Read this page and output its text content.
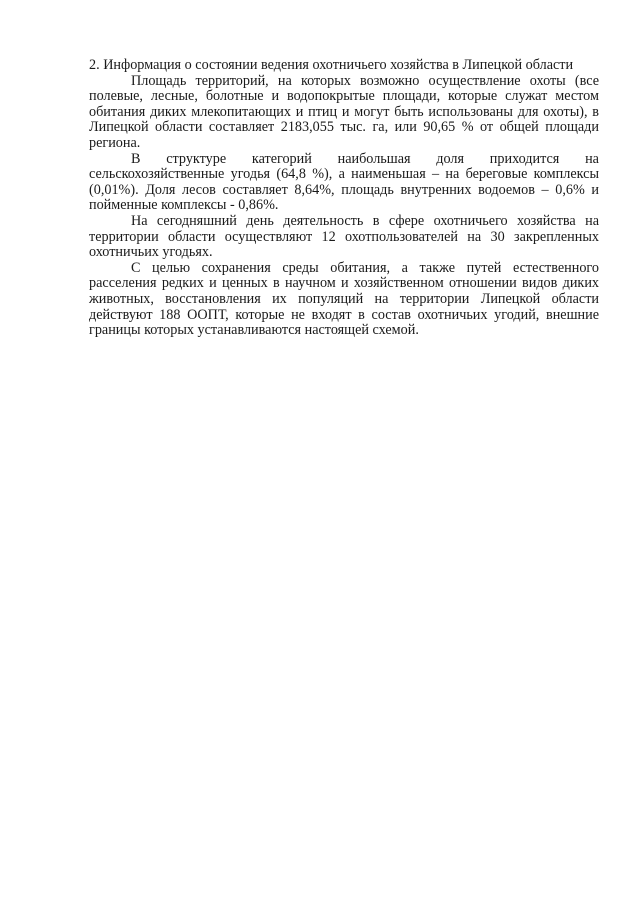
2. Информация о состоянии ведения охотничьего хозяйства в Липецкой области

Площадь территорий, на которых возможно осуществление охоты (все полевые, лесные, болотные и водопокрытые площади, которые служат местом обитания диких млекопитающих и птиц и могут быть использованы для охоты), в Липецкой области составляет 2183,055 тыс. га, или 90,65 % от общей площади региона.

В структуре категорий наибольшая доля приходится на сельскохозяйственные угодья (64,8 %), а наименьшая – на береговые комплексы (0,01%). Доля лесов составляет 8,64%, площадь внутренних водоемов – 0,6% и пойменные комплексы - 0,86%.

На сегодняшний день деятельность в сфере охотничьего хозяйства на территории области осуществляют 12 охотпользователей на 30 закрепленных охотничьих угодьях.

С целью сохранения среды обитания, а также путей естественного расселения редких и ценных в научном и хозяйственном отношении видов диких животных, восстановления их популяций на территории Липецкой области действуют 188 ООПТ, которые не входят в состав охотничьих угодий, внешние границы которых устанавливаются настоящей схемой.
